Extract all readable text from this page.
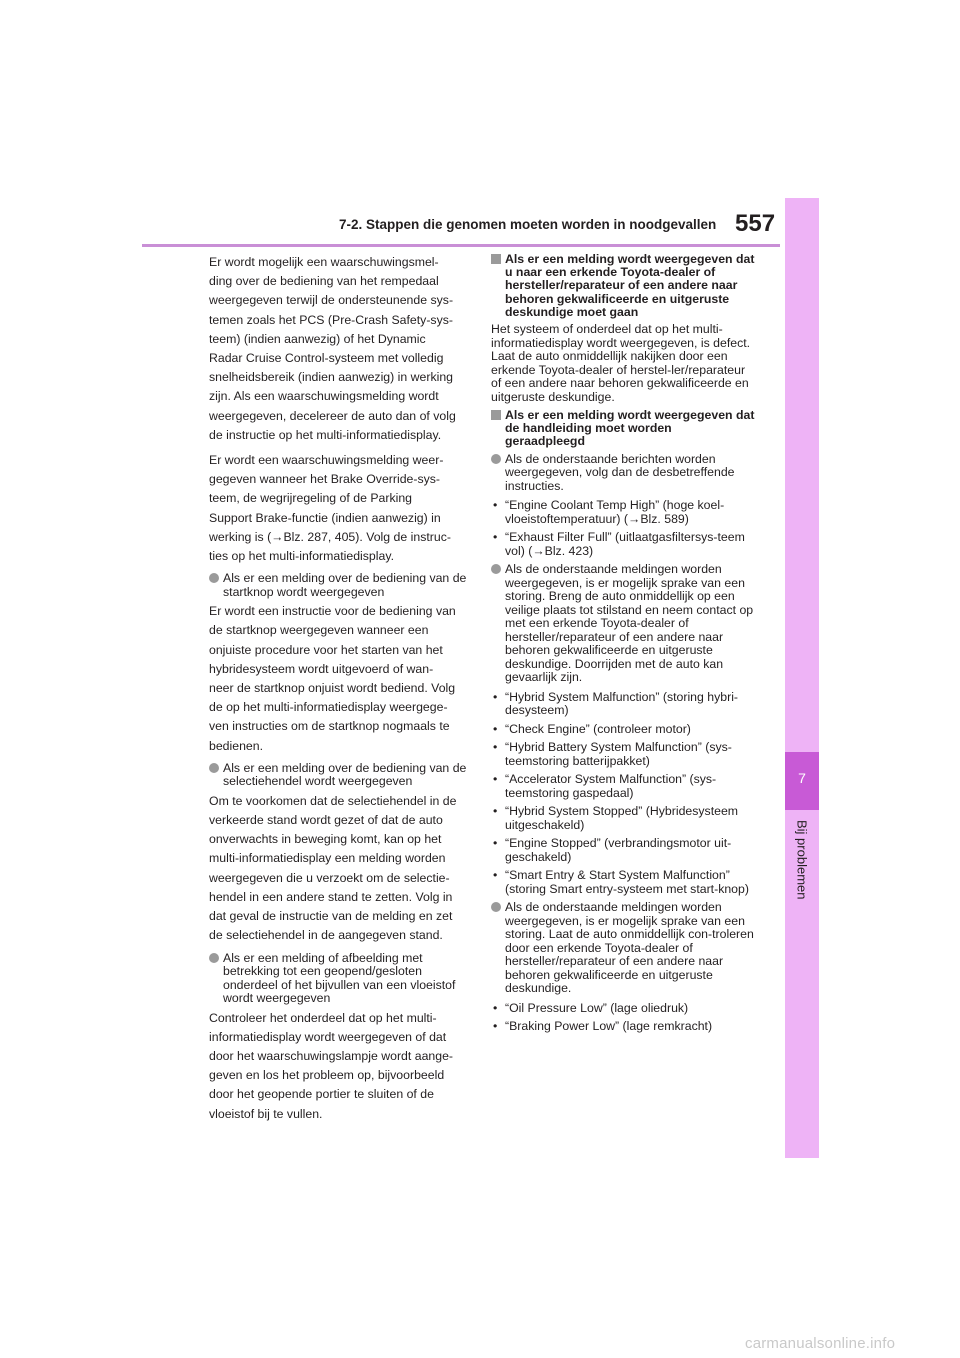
7-2. Stappen die genomen moeten worden in noodgevallen 557
7
Bij problemen
Er wordt mogelijk een waarschuwingsmel-
ding over de bediening van het rempedaal
weergegeven terwijl de ondersteunende sys-
temen zoals het PCS (Pre-Crash Safety-sys-
teem) (indien aanwezig) of het Dynamic
Radar Cruise Control-systeem met volledig
snelheidsbereik (indien aanwezig) in werking
zijn. Als een waarschuwingsmelding wordt
weergegeven, decelereer de auto dan of volg
de instructie op het multi-informatiedisplay.
Er wordt een waarschuwingsmelding weer-
gegeven wanneer het Brake Override-sys-
teem, de wegrijregeling of de Parking
Support Brake-functie (indien aanwezig) in
werking is (→Blz. 287, 405). Volg de instruc-
ties op het multi-informatiedisplay.
Als er een melding over de bediening van de startknop wordt weergegeven
Er wordt een instructie voor de bediening van
de startknop weergegeven wanneer een
onjuiste procedure voor het starten van het
hybridesysteem wordt uitgevoerd of wan-
neer de startknop onjuist wordt bediend. Volg
de op het multi-informatiedisplay weergege-
ven instructies om de startknop nogmaals te
bedienen.
Als er een melding over de bediening van de selectiehendel wordt weergegeven
Om te voorkomen dat de selectiehendel in de
verkeerde stand wordt gezet of dat de auto
onverwachts in beweging komt, kan op het
multi-informatiedisplay een melding worden
weergegeven die u verzoekt om de selectie-
hendel in een andere stand te zetten. Volg in
dat geval de instructie van de melding en zet
de selectiehendel in de aangegeven stand.
Als er een melding of afbeelding met betrekking tot een geopend/gesloten onderdeel of het bijvullen van een vloeistof wordt weergegeven
Controleer het onderdeel dat op het multi-
informatiedisplay wordt weergegeven of dat
door het waarschuwingslampje wordt aange-
geven en los het probleem op, bijvoorbeeld
door het geopende portier te sluiten of de
vloeistof bij te vullen.
Als er een melding wordt weergegeven dat u naar een erkende Toyota-dealer of hersteller/reparateur of een andere naar behoren gekwalificeerde en uitgeruste deskundige moet gaan
Het systeem of onderdeel dat op het multi-informatiedisplay wordt weergegeven, is defect. Laat de auto onmiddellijk nakijken door een erkende Toyota-dealer of herstel-ler/reparateur of een andere naar behoren gekwalificeerde en uitgeruste deskundige.
Als er een melding wordt weergegeven dat de handleiding moet worden geraadpleegd
Als de onderstaande berichten worden weergegeven, volg dan de desbetreffende instructies.
• “Engine Coolant Temp High” (hoge koel-vloeistoftemperatuur) (→Blz. 589)
• “Exhaust Filter Full” (uitlaatgasfiltersys-teem vol) (→Blz. 423)
Als de onderstaande meldingen worden weergegeven, is er mogelijk sprake van een storing. Breng de auto onmiddellijk op een veilige plaats tot stilstand en neem contact op met een erkende Toyota-dealer of hersteller/reparateur of een andere naar behoren gekwalificeerde en uitgeruste deskundige. Doorrijden met de auto kan gevaarlijk zijn.
• “Hybrid System Malfunction” (storing hybri-desysteem)
• “Check Engine” (controleer motor)
• “Hybrid Battery System Malfunction” (sys-teemstoring batterijpakket)
• “Accelerator System Malfunction” (sys-teemstoring gaspedaal)
• “Hybrid System Stopped” (Hybridesysteem uitgeschakeld)
• “Engine Stopped” (verbrandingsmotor uit-geschakeld)
• “Smart Entry & Start System Malfunction” (storing Smart entry-systeem met start-knop)
Als de onderstaande meldingen worden weergegeven, is er mogelijk sprake van een storing. Laat de auto onmiddellijk con-troleren door een erkende Toyota-dealer of hersteller/reparateur of een andere naar behoren gekwalificeerde en uitgeruste deskundige.
• “Oil Pressure Low” (lage oliedruk)
• “Braking Power Low” (lage remkracht)
carmanualsonline.info
